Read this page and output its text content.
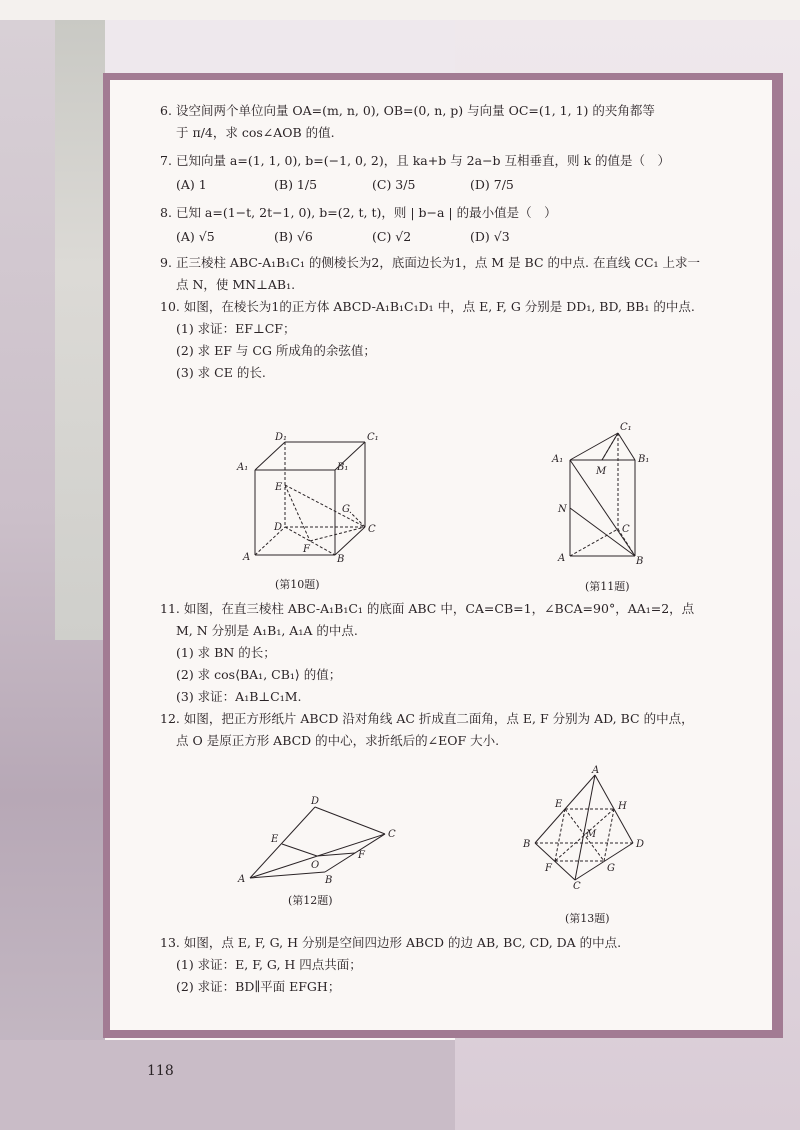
6. 设空间两个单位向量 OA=(m, n, 0), OB=(0, n, p) 与向量 OC=(1, 1, 1) 的夹角都等

于 π/4，求 cos∠AOB 的值.

7. 已知向量 a=(1, 1, 0), b=(−1, 0, 2)，且 ka+b 与 2a−b 互相垂直，则 k 的值是（　）

(A) 1	(B) 1/5	(C) 3/5	(D) 7/5

8. 已知 a=(1−t, 2t−1, 0), b=(2, t, t)，则 | b−a | 的最小值是（　）

(A) √5	(B) √6	(C) √2	(D) √3

9. 正三棱柱 ABC-A₁B₁C₁ 的侧棱长为2，底面边长为1，点 M 是 BC 的中点. 在直线 CC₁ 上求一

点 N，使 MN⊥AB₁.

10. 如图，在棱长为1的正方体 ABCD-A₁B₁C₁D₁ 中，点 E, F, G 分别是 DD₁, BD, BB₁ 的中点.

(1) 求证：EF⊥CF；

(2) 求 EF 与 CG 所成角的余弦值；

(3) 求 CE 的长.

D₁	C₁
A₁	B₁
E
G
D	C
F
A	B
(第10题)
C₁
A₁	B₁
M
N
C
A	B
(第11题)

11. 如图，在直三棱柱 ABC-A₁B₁C₁ 的底面 ABC 中，CA=CB=1，∠BCA=90°，AA₁=2，点

M, N 分别是 A₁B₁, A₁A 的中点.

(1) 求 BN 的长；

(2) 求 cos⟨BA₁, CB₁⟩ 的值；

(3) 求证：A₁B⊥C₁M.

12. 如图，把正方形纸片 ABCD 沿对角线 AC 折成直二面角，点 E, F 分别为 AD, BC 的中点，

点 O 是原正方形 ABCD 的中心，求折纸后的∠EOF 大小.

D
E	C
O
F
A	B
(第12题)
A
E	H
B
M
D
F	G
C
(第13题)

13. 如图，点 E, F, G, H 分别是空间四边形 ABCD 的边 AB, BC, CD, DA 的中点.

(1) 求证：E, F, G, H 四点共面；

(2) 求证：BD∥平面 EFGH；

118
